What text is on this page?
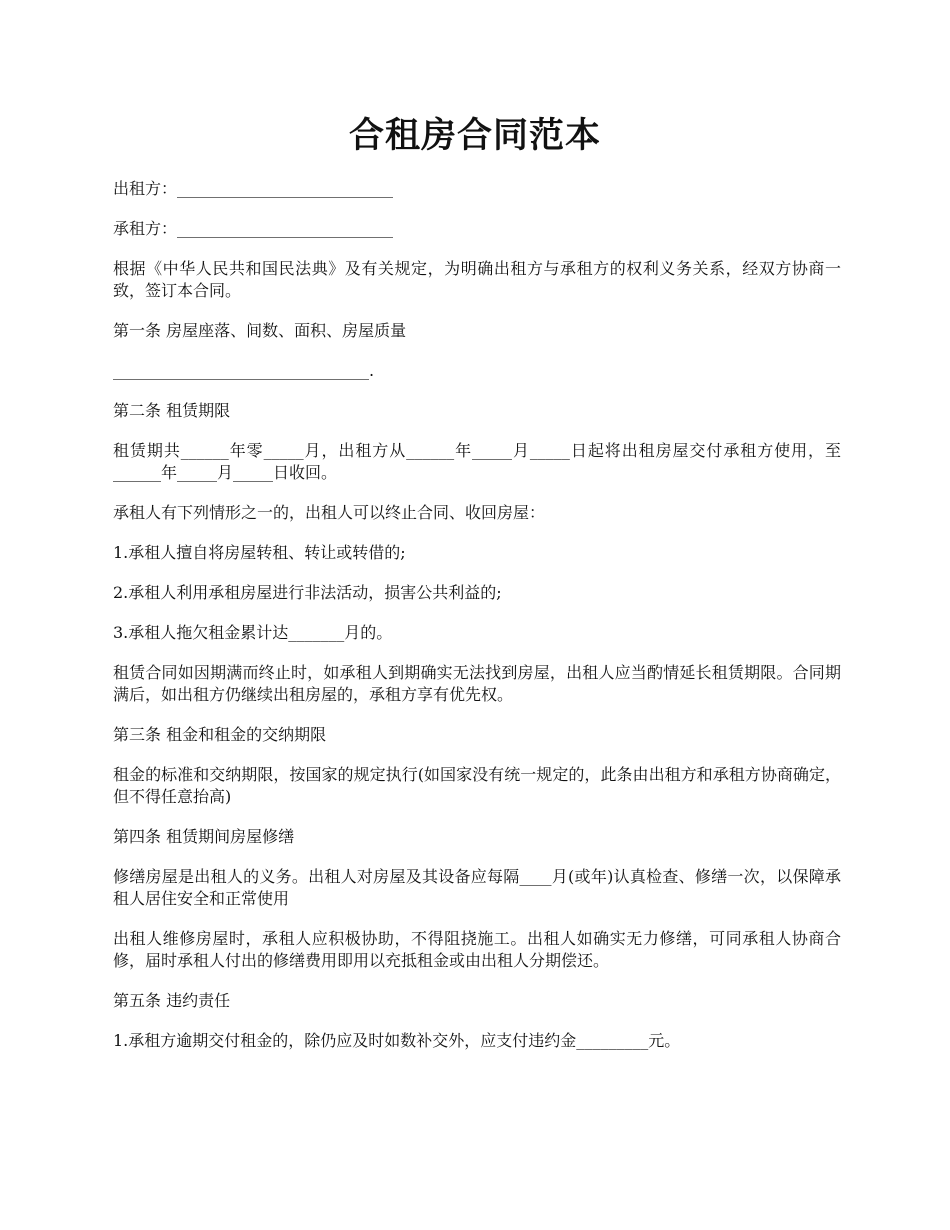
合租房合同范本

出租方：___________________________

承租方：___________________________

根据《中华人民共和国民法典》及有关规定，为明确出租方与承租方的权利义务关系，经双方协商一致，签订本合同。

第一条 房屋座落、间数、面积、房屋质量

________________________________.

第二条 租赁期限

租赁期共______年零_____月，出租方从______年_____月_____日起将出租房屋交付承租方使用，至______年_____月_____日收回。

承租人有下列情形之一的，出租人可以终止合同、收回房屋：

1.承租人擅自将房屋转租、转让或转借的;

2.承租人利用承租房屋进行非法活动，损害公共利益的;

3.承租人拖欠租金累计达_______月的。

租赁合同如因期满而终止时，如承租人到期确实无法找到房屋，出租人应当酌情延长租赁期限。合同期满后，如出租方仍继续出租房屋的，承租方享有优先权。

第三条 租金和租金的交纳期限

租金的标准和交纳期限，按国家的规定执行(如国家没有统一规定的，此条由出租方和承租方协商确定，但不得任意抬高)

第四条 租赁期间房屋修缮

修缮房屋是出租人的义务。出租人对房屋及其设备应每隔____月(或年)认真检查、修缮一次，以保障承租人居住安全和正常使用

出租人维修房屋时，承租人应积极协助，不得阻挠施工。出租人如确实无力修缮，可同承租人协商合修，届时承租人付出的修缮费用即用以充抵租金或由出租人分期偿还。

第五条 违约责任

1.承租方逾期交付租金的，除仍应及时如数补交外，应支付违约金_________元。
